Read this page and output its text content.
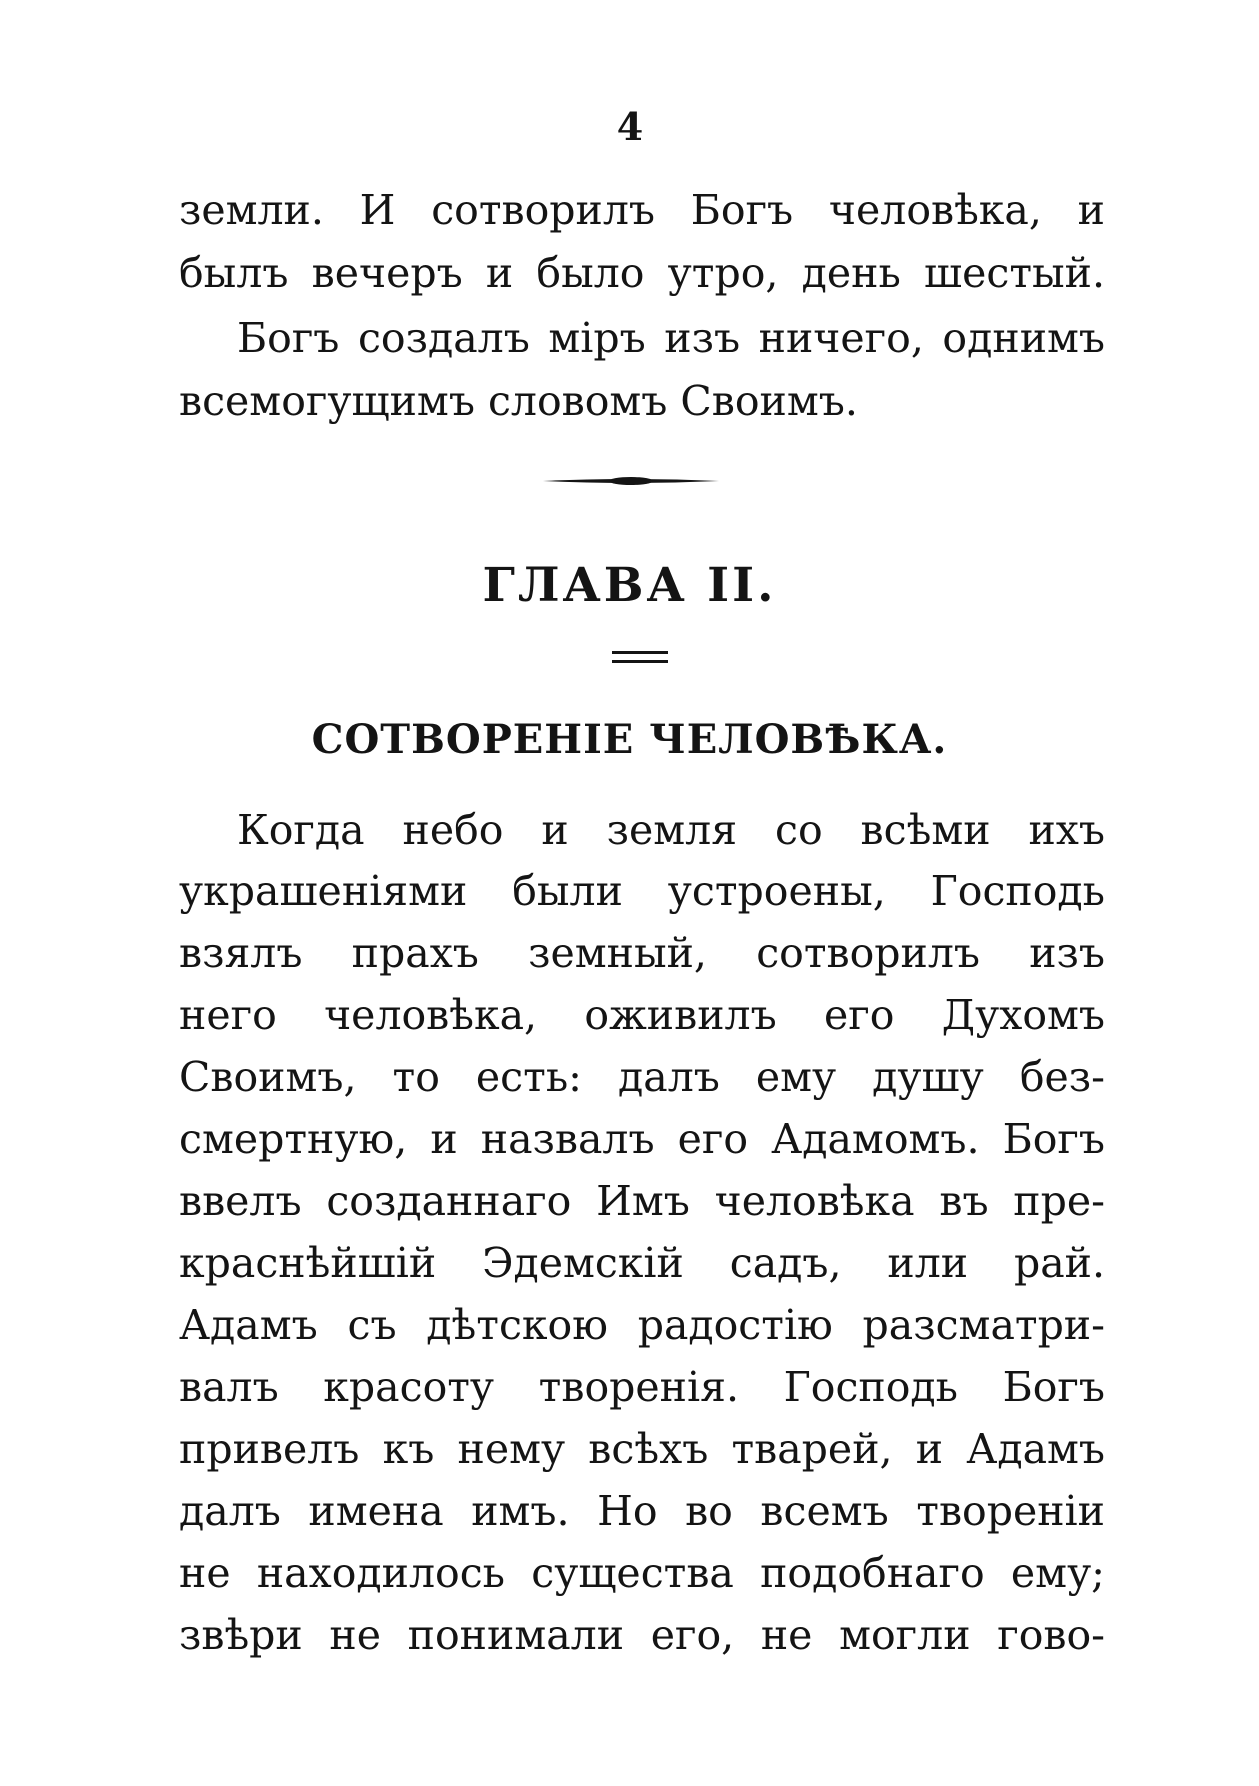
4
земли. И сотворилъ Богъ человѣка, и
былъ вечеръ и было утро, день шестый.
Богъ создалъ міръ изъ ничего, однимъ
всемогущимъ словомъ Своимъ.
ГЛАВА II.
СОТВОРЕНІЕ ЧЕЛОВѢКА.
Когда небо и земля со всѣми ихъ
украшеніями были устроены, Господь
взялъ прахъ земный, сотворилъ изъ
него человѣка, оживилъ его Духомъ
Своимъ, то есть: далъ ему душу без-
смертную, и назвалъ его Адамомъ. Богъ
ввелъ созданнаго Имъ человѣка въ пре-
краснѣйшій Эдемскій садъ, или рай.
Адамъ съ дѣтскою радостію разсматри-
валъ красоту творенія. Господь Богъ
привелъ къ нему всѣхъ тварей, и Адамъ
далъ имена имъ. Но во всемъ твореніи
не находилось существа подобнаго ему;
звѣри не понимали его, не могли гово-
